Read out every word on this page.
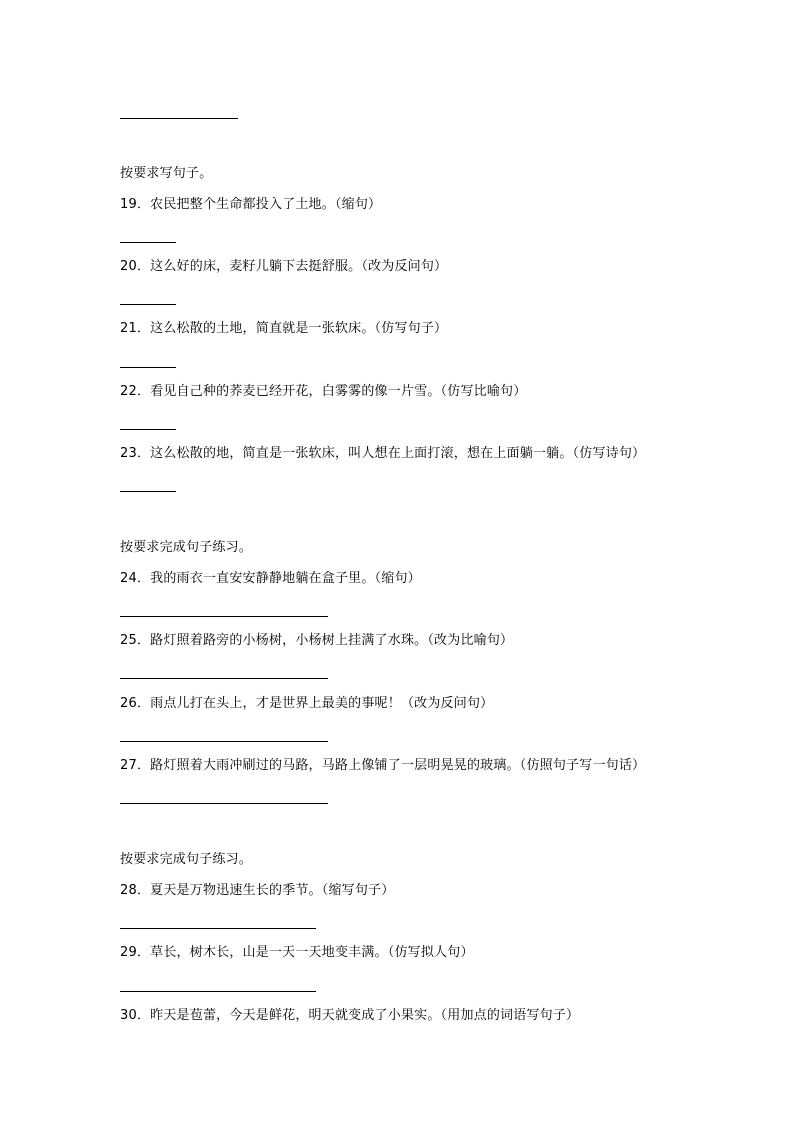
按要求写句子。
19．农民把整个生命都投入了土地。（缩句）
20．这么好的床，麦籽儿躺下去挺舒服。（改为反问句）
21．这么松散的土地，简直就是一张软床。（仿写句子）
22．看见自己种的荞麦已经开花，白雾雾的像一片雪。（仿写比喻句）
23．这么松散的地，简直是一张软床，叫人想在上面打滚，想在上面躺一躺。（仿写诗句）
按要求完成句子练习。
24．我的雨衣一直安安静静地躺在盒子里。（缩句）
25．路灯照着路旁的小杨树，小杨树上挂满了水珠。（改为比喻句）
26．雨点儿打在头上，才是世界上最美的事呢！（改为反问句）
27．路灯照着大雨冲刷过的马路，马路上像铺了一层明晃晃的玻璃。（仿照句子写一句话）
按要求完成句子练习。
28．夏天是万物迅速生长的季节。（缩写句子）
29．草长，树木长，山是一天一天地变丰满。（仿写拟人句）
30．昨天是苞蕾，今天是鲜花，明天就变成了小果实。（用加点的词语写句子）
